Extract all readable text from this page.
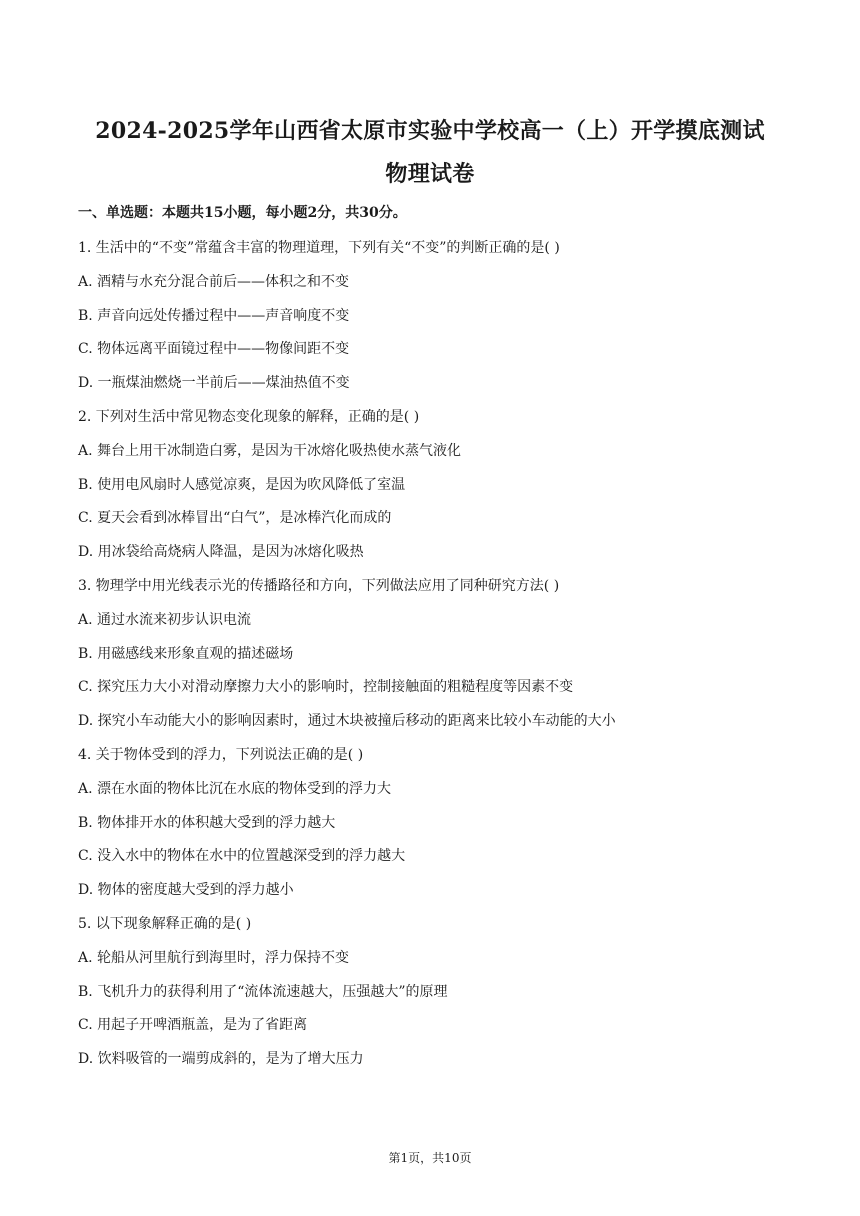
2024-2025学年山西省太原市实验中学校高一（上）开学摸底测试
物理试卷
一、单选题：本题共15小题，每小题2分，共30分。
1. 生活中的“不变”常蕴含丰富的物理道理，下列有关“不变”的判断正确的是( )
A. 酒精与水充分混合前后——体积之和不变
B. 声音向远处传播过程中——声音响度不变
C. 物体远离平面镜过程中——物像间距不变
D. 一瓶煤油燃烧一半前后——煤油热值不变
2. 下列对生活中常见物态变化现象的解释，正确的是( )
A. 舞台上用干冰制造白雾，是因为干冰熔化吸热使水蒸气液化
B. 使用电风扇时人感觉凉爽，是因为吹风降低了室温
C. 夏天会看到冰棒冒出“白气”，是冰棒汽化而成的
D. 用冰袋给高烧病人降温，是因为冰熔化吸热
3. 物理学中用光线表示光的传播路径和方向，下列做法应用了同种研究方法( )
A. 通过水流来初步认识电流
B. 用磁感线来形象直观的描述磁场
C. 探究压力大小对滑动摩擦力大小的影响时，控制接触面的粗糙程度等因素不变
D. 探究小车动能大小的影响因素时，通过木块被撞后移动的距离来比较小车动能的大小
4. 关于物体受到的浮力，下列说法正确的是( )
A. 漂在水面的物体比沉在水底的物体受到的浮力大
B. 物体排开水的体积越大受到的浮力越大
C. 没入水中的物体在水中的位置越深受到的浮力越大
D. 物体的密度越大受到的浮力越小
5. 以下现象解释正确的是( )
A. 轮船从河里航行到海里时，浮力保持不变
B. 飞机升力的获得利用了“流体流速越大，压强越大”的原理
C. 用起子开啤酒瓶盖，是为了省距离
D. 饮料吸管的一端剪成斜的，是为了增大压力
第1页，共10页
